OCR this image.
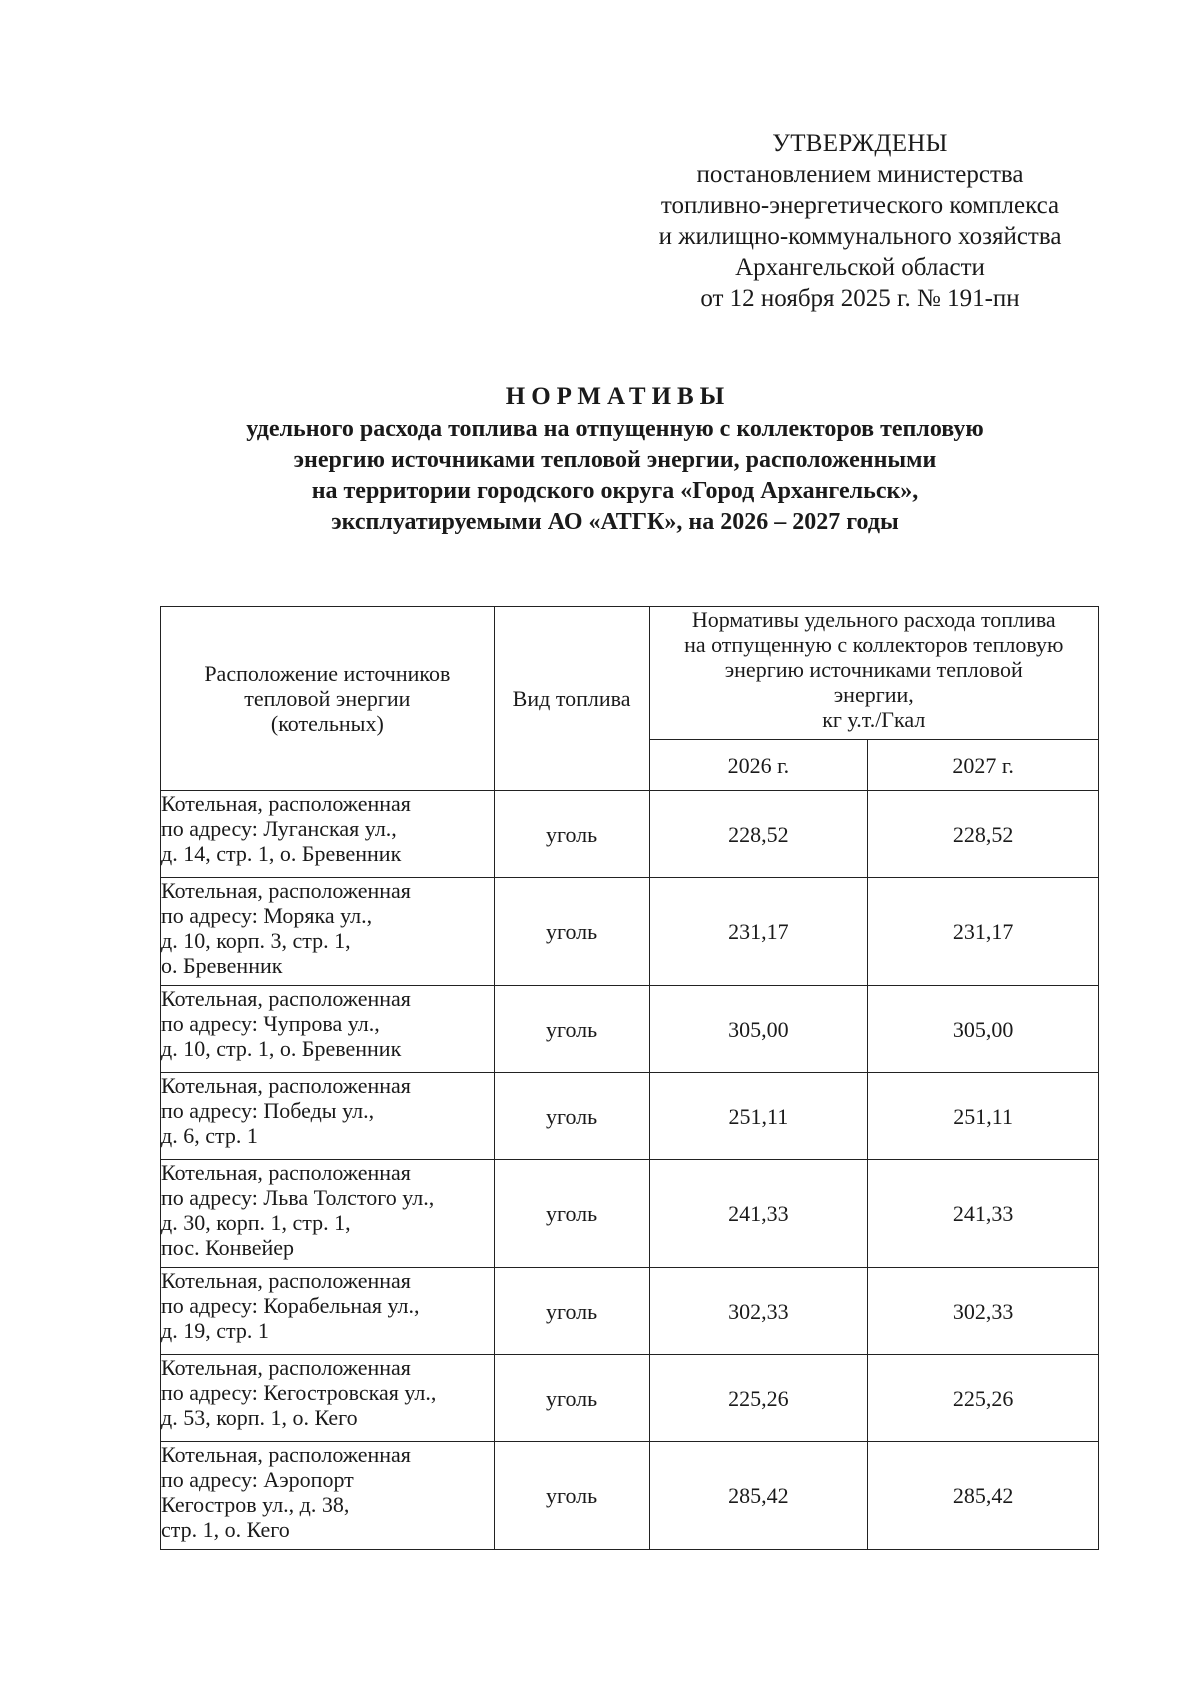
УТВЕРЖДЕНЫ
постановлением министерства
топливно-энергетического комплекса
и жилищно-коммунального хозяйства
Архангельской области
от 12 ноября 2025 г. № 191-пн
НОРМАТИВЫ
удельного расхода топлива на отпущенную с коллекторов тепловую
энергию источниками тепловой энергии, расположенными
на территории городского округа «Город Архангельск»,
эксплуатируемыми АО «АТГК», на 2026 – 2027 годы
Расположение источников
тепловой энергии
(котельных)	Вид топлива	Нормативы удельного расхода топлива
на отпущенную с коллекторов тепловую
энергию источниками тепловой
энергии,
кг у.т./Гкал	

		2026 г.	2027 г.

Котельная, расположенная
по адресу: Луганская ул.,
д. 14, стр. 1, о. Бревенник	уголь	228,52	228,52

Котельная, расположенная
по адресу: Моряка ул.,
д. 10, корп. 3, стр. 1,
о. Бревенник	уголь	231,17	231,17

Котельная, расположенная
по адресу: Чупрова ул.,
д. 10, стр. 1, о. Бревенник	уголь	305,00	305,00

Котельная, расположенная
по адресу: Победы ул.,
д. 6, стр. 1	уголь	251,11	251,11

Котельная, расположенная
по адресу: Льва Толстого ул.,
д. 30, корп. 1, стр. 1,
пос. Конвейер	уголь	241,33	241,33

Котельная, расположенная
по адресу: Корабельная ул.,
д. 19, стр. 1	уголь	302,33	302,33

Котельная, расположенная
по адресу: Кегостровская ул.,
д. 53, корп. 1, о. Кего	уголь	225,26	225,26

Котельная, расположенная
по адресу: Аэропорт
Кегостров ул., д. 38,
стр. 1, о. Кего	уголь	285,42	285,42
